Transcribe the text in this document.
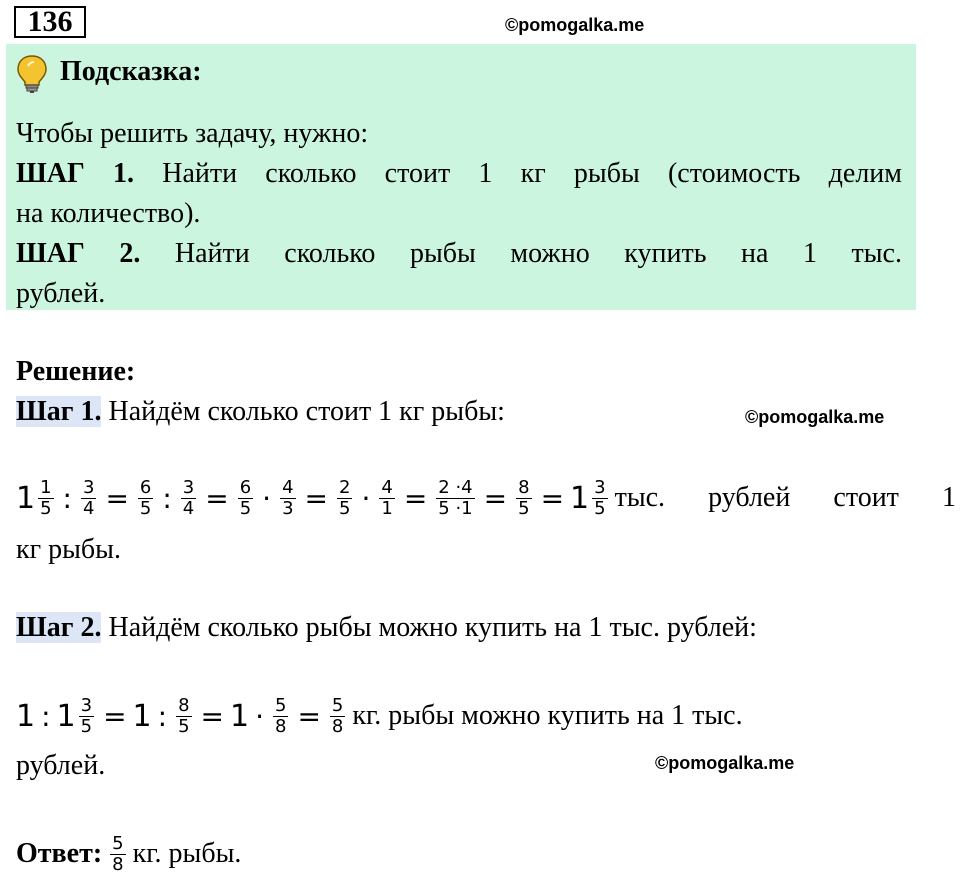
136	©pomogalka.me
Подсказка:
Чтобы решить задачу, нужно:
ШАГ 1. Найти сколько стоит 1 кг рыбы (стоимость делим
на количество).
ШАГ 2. Найти сколько рыбы можно купить на 1 тыс.
рублей.
Решение:
Шаг 1. Найдём сколько стоит 1 кг рыбы:	©pomogalka.me
$1 \frac{1}{5}$ : $\frac{3}{4} = \frac{6}{5}$ : $\frac{3}{4} = \frac{6}{5} \cdot \frac{4}{3} = \frac{2}{5} \cdot \frac{4}{1} = \frac{2 \cdot 4}{5 \cdot 1} = \frac{8}{5} = 1 \frac{3}{5}$ тыс. рублей стоит 1
кг рыбы.
Шаг 2. Найдём сколько рыбы можно купить на 1 тыс. рублей:
1 : $1 \frac{3}{5} = 1$ : $\frac{8}{5} = 1 \cdot \frac{5}{8} = \frac{5}{8}$ кг. рыбы можно купить на 1 тыс.
рублей.	©pomogalka.me
Ответ: $\frac{5}{8}$ кг. рыбы.
